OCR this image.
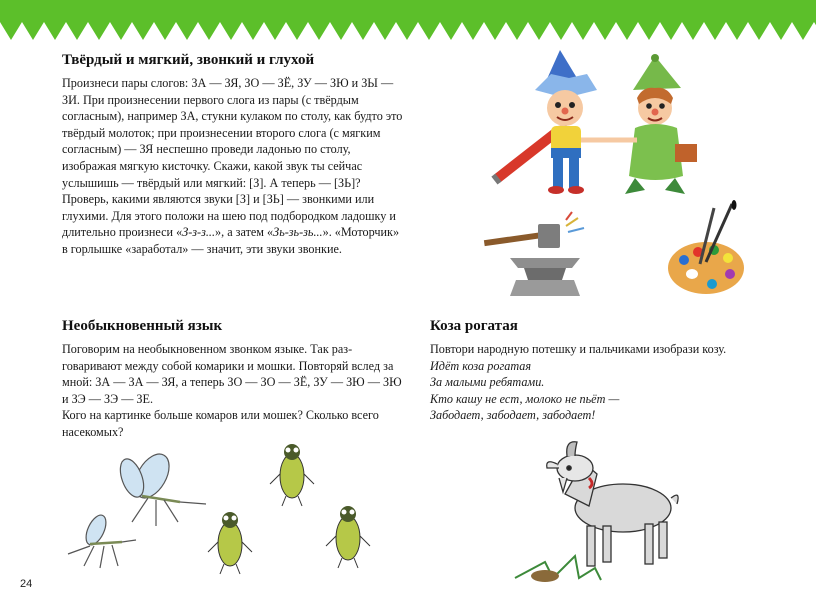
Твёрдый и мягкий, звонкий и глухой

Произнеси пары слогов: ЗА — ЗЯ, ЗО — ЗЁ, ЗУ — ЗЮ и ЗЫ — ЗИ. При произнесении первого слога из пары (с твёрдым согласным), например ЗА, стукни кулаком по столу, как будто это твёрдый молоток; при произнесении второго слога (с мягким согласным) — ЗЯ неспешно проведи ладонью по столу, изображая мягкую кисточку. Скажи, какой звук ты сейчас услышишь — твёрдый или мягкий: [З]. А теперь — [ЗЬ]?

Проверь, какими являются звуки [З] и [ЗЬ] — звонкими или глухими. Для этого положи на шею под подбородком ладошку и длительно произнеси «З-з-з...», а затем «Зь-зь-зь...». «Моторчик» в горлышке «заработал» — значит, эти звуки звонкие.

Необыкновенный язык

Поговорим на необыкновенном звонком языке. Так разговаривают между собой комарики и мошки. Повторяй вслед за мной: ЗА — ЗА — ЗЯ, а теперь ЗО — ЗО — ЗЁ, ЗУ — ЗЮ — ЗЮ и ЗЭ — ЗЭ — ЗЕ.

Кого на картинке больше комаров или мошек? Сколько всего насекомых?

Коза рогатая

Повтори народную потешку и пальчиками изобрази козу.

Идёт коза рогатая
За малыми ребятами.
Кто кашу не ест, молоко не пьёт —
Забодает, забодает, забодает!
24
